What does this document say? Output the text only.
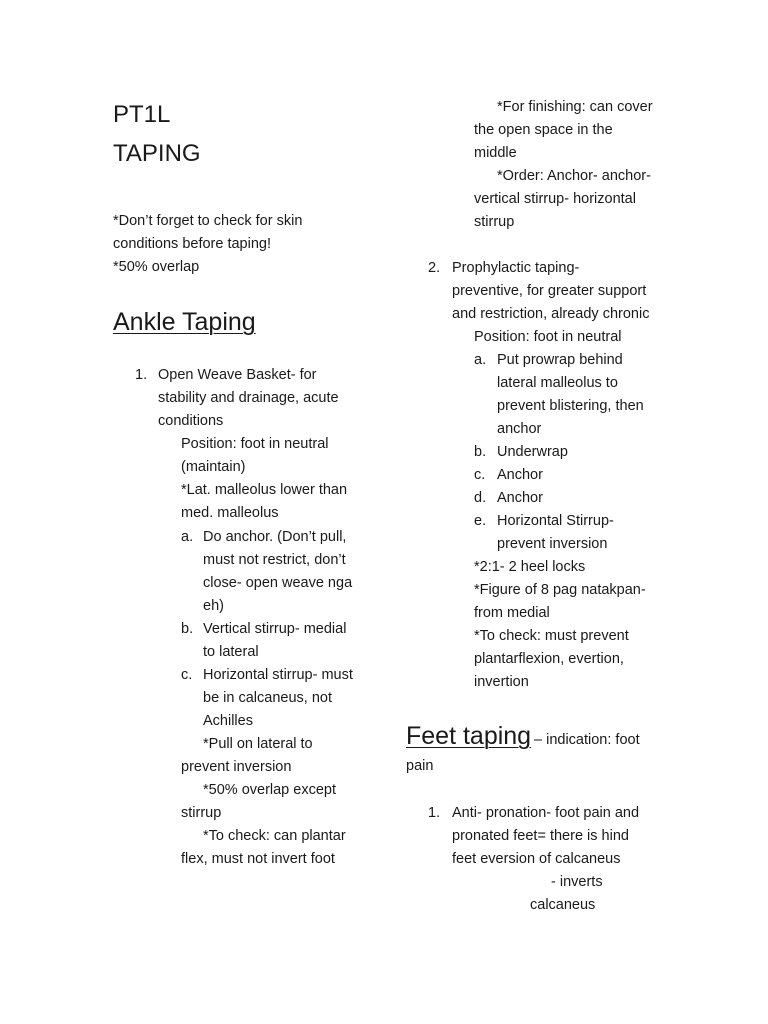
PT1L

TAPING

*Don’t forget to check for skin

conditions before taping!

*50% overlap

Ankle Taping
1. Open Weave Basket- for

stability and drainage, acute

conditions

Position: foot in neutral

(maintain)

*Lat. malleolus lower than

med. malleolus

a. Do anchor. (Don’t pull,

must not restrict, don’t

close- open weave nga

eh)

b. Vertical stirrup- medial

to lateral

c. Horizontal stirrup- must

be in calcaneus, not

Achilles

*Pull on lateral to

prevent inversion

*50% overlap except

stirrup

*To check: can plantar

flex, must not invert foot

*For finishing: can cover

the open space in the

middle

*Order: Anchor- anchor-

vertical stirrup- horizontal

stirrup

2. Prophylactic taping-

preventive, for greater support

and restriction, already chronic

Position: foot in neutral

a. Put prowrap behind

lateral malleolus to

prevent blistering, then

anchor

b. Underwrap

c. Anchor

d. Anchor

e. Horizontal Stirrup-

prevent inversion

*2:1- 2 heel locks

*Figure of 8 pag natakpan-

from medial

*To check: must prevent

plantarflexion, evertion,

invertion

Feet taping – indication: foot

pain

1. Anti- pronation- foot pain and

pronated feet= there is hind

feet eversion of calcaneus

- inverts

calcaneus
